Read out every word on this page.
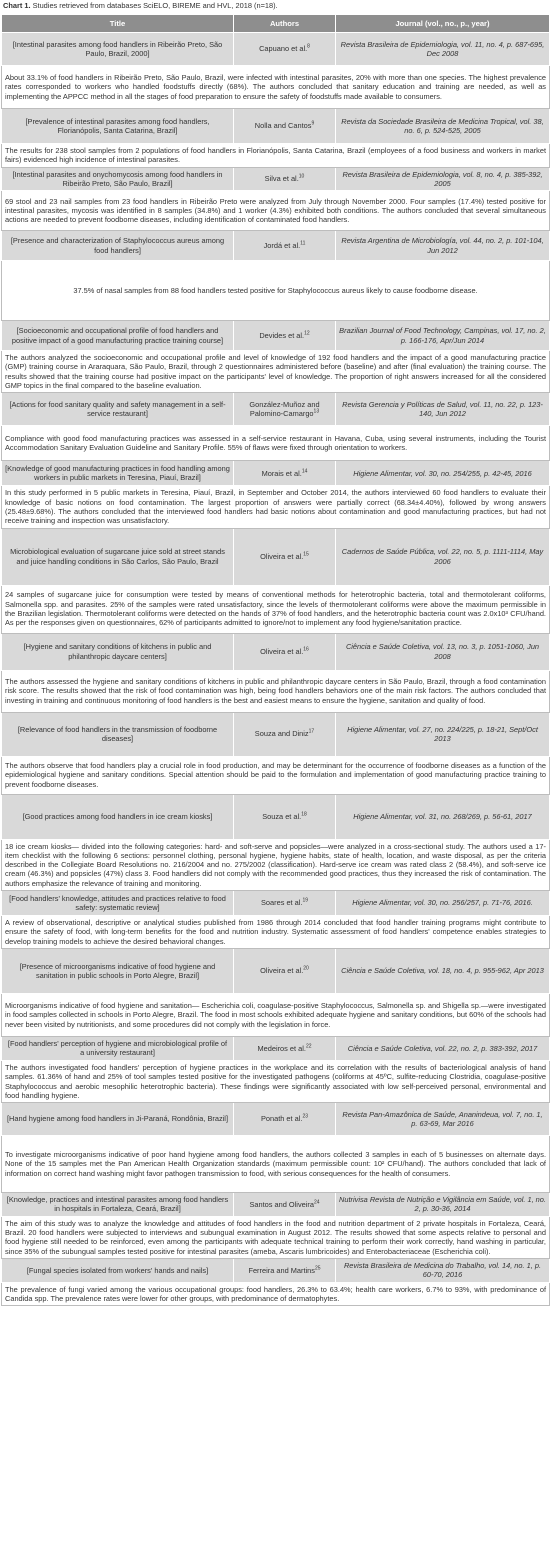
Chart 1. Studies retrieved from databases SciELO, BIREME and HVL, 2018 (n=18).
Title	Authors	Journal (vol., no., p., year)
[Intestinal parasites among food handlers in Ribeirão Preto, São Paulo, Brazil, 2000]	Capuano et al.$^8$	Revista Brasileira de Epidemiologia, vol. 11, no. 4, p. 687-695, Dec 2008
About 33.1% of food handlers in Ribeirão Preto, São Paulo, Brazil, were infected with intestinal parasites, 20% with more than one species. The highest prevalence rates corresponded to workers who handled foodstuffs directly (68%). The authors concluded that sanitary education and training are needed, as well as implementing the APPCC method in all the stages of food preparation to ensure the safety of foodstuffs made available to consumers.		
[Prevalence of intestinal parasites among food handlers, Florianópolis, Santa Catarina, Brazil]	Nolla and Cantos$^9$	Revista da Sociedade Brasileira de Medicina Tropical, vol. 38, no. 6, p. 524-525, 2005
The results for 238 stool samples from 2 populations of food handlers in Florianópolis, Santa Catarina, Brazil (employees of a food business and workers in market fairs) evidenced high incidence of intestinal parasites.		
[Intestinal parasites and onychomycosis among food handlers in Ribeirão Preto, São Paulo, Brazil]	Silva et al.$^{10}$	Revista Brasileira de Epidemiologia, vol. 8, no. 4, p. 385-392, 2005
69 stool and 23 nail samples from 23 food handlers in Ribeirão Preto were analyzed from July through November 2000. Four samples (17.4%) tested positive for intestinal parasites, mycosis was identified in 8 samples (34.8%) and 1 worker (4.3%) exhibited both conditions. The authors concluded that several simultaneous actions are needed to prevent foodborne diseases, including identification of contaminated food handlers.		
[Presence and characterization of Staphylococcus aureus among food handlers]	Jordá et al.$^{11}$	Revista Argentina de Microbiología, vol. 44, no. 2, p. 101-104, Jun 2012
37.5% of nasal samples from 88 food handlers tested positive for Staphylococcus aureus likely to cause foodborne disease.		
[Socioeconomic and occupational profile of food handlers and positive impact of a good manufacturing practice training course]	Devides et al.$^{12}$	Brazilian Journal of Food Technology, Campinas, vol. 17, no. 2, p. 166-176, Apr/Jun 2014
The authors analyzed the socioeconomic and occupational profile and level of knowledge of 192 food handlers and the impact of a good manufacturing practice (GMP) training course in Araraquara, São Paulo, Brazil, through 2 questionnaires administered before (baseline) and after (final evaluation) the training course. The results showed that the training course had positive impact on the participants' level of knowledge. The proportion of right answers increased for all the considered GMP topics in the final compared to the baseline evaluation.		
[Actions for food sanitary quality and safety management in a self-service restaurant]	González-Muñoz and Palomino-Camargo$^{13}$	Revista Gerencia y Políticas de Salud, vol. 11, no. 22, p. 123-140, Jun 2012
Compliance with good food manufacturing practices was assessed in a self-service restaurant in Havana, Cuba, using several instruments, including the Tourist Accommodation Sanitary Evaluation Guideline and Sanitary Profile. 55% of flaws were fixed through orientation to workers.		
[Knowledge of good manufacturing practices in food handling among workers in public markets in Teresina, Piauí, Brazil]	Morais et al.$^{14}$	Higiene Alimentar, vol. 30, no. 254/255, p. 42-45, 2016
In this study performed in 5 public markets in Teresina, Piauí, Brazil, in September and October 2014, the authors interviewed 60 food handlers to evaluate their knowledge of basic notions on food contamination. The largest proportion of answers were partially correct (68.34±4.40%), followed by wrong answers (25.48±9.68%). The authors concluded that the interviewed food handlers had basic notions about contamination and good manufacturing practices, but had not receive training and inspection was unsatisfactory.		
Microbiological evaluation of sugarcane juice sold at street stands and juice handling conditions in São Carlos, São Paulo, Brazil	Oliveira et al.$^{15}$	Cadernos de Saúde Pública, vol. 22, no. 5, p. 1111-1114, May 2006
24 samples of sugarcane juice for consumption were tested by means of conventional methods for heterotrophic bacteria, total and thermotolerant coliforms, Salmonella spp. and parasites. 25% of the samples were rated unsatisfactory, since the levels of thermotolerant coliforms were above the maximum permissible in the Brazilian legislation. Thermotolerant coliforms were detected on the hands of 37% of food handlers, and the heterotrophic bacteria count was 2.0x10³ CFU/hand. As per the responses given on questionnaires, 62% of participants admitted to ignore/not to implement any food hygiene/sanitation practice.		
[Hygiene and sanitary conditions of kitchens in public and philanthropic daycare centers]	Oliveira et al.$^{16}$	Ciência e Saúde Coletiva, vol. 13, no. 3, p. 1051-1060, Jun 2008
The authors assessed the hygiene and sanitary conditions of kitchens in public and philanthropic daycare centers in São Paulo, Brazil, through a food contamination risk score. The results showed that the risk of food contamination was high, being food handlers behaviors one of the main risk factors. The authors concluded that investing in training and continuous monitoring of food handlers is the best and easiest means to ensure the hygiene, sanitation and quality of food.		
[Relevance of food handlers in the transmission of foodborne diseases]	Souza and Diniz$^{17}$	Higiene Alimentar, vol. 27, no. 224/225, p. 18-21, Sept/Oct 2013
The authors observe that food handlers play a crucial role in food production, and may be determinant for the occurrence of foodborne diseases as a function of the epidemiological hygiene and sanitary conditions. Special attention should be paid to the formulation and implementation of good manufacturing practice training to prevent foodborne diseases.		
[Good practices among food handlers in ice cream kiosks]	Souza et al.$^{18}$	Higiene Alimentar, vol. 31, no. 268/269, p. 56-61, 2017
18 ice cream kiosks— divided into the following categories: hard- and soft-serve and popsicles—were analyzed in a cross-sectional study. The authors used a 17-item checklist with the following 6 sections: personnel clothing, personal hygiene, hygiene habits, state of health, location, and waste disposal, as per the criteria described in the Collegiate Board Resolutions no. 216/2004 and no. 275/2002 (classification). Hard-serve ice cream was rated class 2 (58.4%), and soft-serve ice cream (46.3%) and popsicles (47%) class 3. Food handlers did not comply with the recommended good practices, thus they increased the risk of contamination. The authors emphasize the relevance of training and monitoring.		
[Food handlers' knowledge, attitudes and practices relative to food safety: systematic review]	Soares et al.$^{19}$	Higiene Alimentar, vol. 30, no. 256/257, p. 71-76, 2016.
A review of observational, descriptive or analytical studies published from 1986 through 2014 concluded that food handler training programs might contribute to ensure the safety of food, with long-term benefits for the food and nutrition industry. Systematic assessment of food handlers' competence enables strategies to develop training models to achieve the desired behavioral changes.		
[Presence of microorganisms indicative of food hygiene and sanitation in public schools in Porto Alegre, Brazil]	Oliveira et al.$^{20}$	Ciência e Saúde Coletiva, vol. 18, no. 4, p. 955-962, Apr 2013
Microorganisms indicative of food hygiene and sanitation— Escherichia coli, coagulase-positive Staphylococcus, Salmonella sp. and Shigella sp.—were investigated in food samples collected in schools in Porto Alegre, Brazil. The food in most schools exhibited adequate hygiene and sanitary conditions, but 60% of the schools had never been visited by nutritionists, and some procedures did not comply with the legislation in force.		
[Food handlers' perception of hygiene and microbiological profile of a university restaurant]	Medeiros et al.$^{22}$	Ciência e Saúde Coletiva, vol. 22, no. 2, p. 383-392, 2017
The authors investigated food handlers' perception of hygiene practices in the workplace and its correlation with the results of bacteriological analysis of hand samples. 61.36% of hand and 25% of tool samples tested positive for the investigated pathogens (coliforms at 45ºC, sulfite-reducing Clostridia, coagulase-positive Staphylococcus and aerobic mesophilic heterotrophic bacteria). These findings were significantly associated with low self-perceived personal, environmental and food handling hygiene.		
[Hand hygiene among food handlers in Ji-Paraná, Rondônia, Brazil]	Ponath et al.$^{23}$	Revista Pan-Amazônica de Saúde, Ananindeua, vol. 7, no. 1, p. 63-69, Mar 2016
To investigate microorganisms indicative of poor hand hygiene among food handlers, the authors collected 3 samples in each of 5 businesses on alternate days. None of the 15 samples met the Pan American Health Organization standards (maximum permissible count: 10² CFU/hand). The authors concluded that lack of information on correct hand washing might favor pathogen transmission to food, with serious consequences for the health of consumers.		
[Knowledge, practices and intestinal parasites among food handlers in hospitals in Fortaleza, Ceará, Brazil]	Santos and Oliveira$^{24}$	Nutrivisa Revista de Nutrição e Vigilância em Saúde, vol. 1, no. 2, p. 30-36, 2014
The aim of this study was to analyze the knowledge and attitudes of food handlers in the food and nutrition department of 2 private hospitals in Fortaleza, Ceará, Brazil. 20 food handlers were subjected to interviews and subungual examination in August 2012. The results showed that some aspects relative to personal and food hygiene still needed to be reinforced, even among the participants with adequate technical training to perform their work correctly, hand washing in particular, since 35% of the subungual samples tested positive for intestinal parasites (ameba, Ascaris lumbricoides) and Enterobacteriaceae (Escherichia coli).		
[Fungal species isolated from workers' hands and nails]	Ferreira and Martins$^{25}$	Revista Brasileira de Medicina do Trabalho, vol. 14, no. 1, p. 60-70, 2016
The prevalence of fungi varied among the various occupational groups: food handlers, 26.3% to 63.4%; health care workers, 6.7% to 93%, with predominance of Candida spp. The prevalence rates were lower for other groups, with predominance of dermatophytes.		
